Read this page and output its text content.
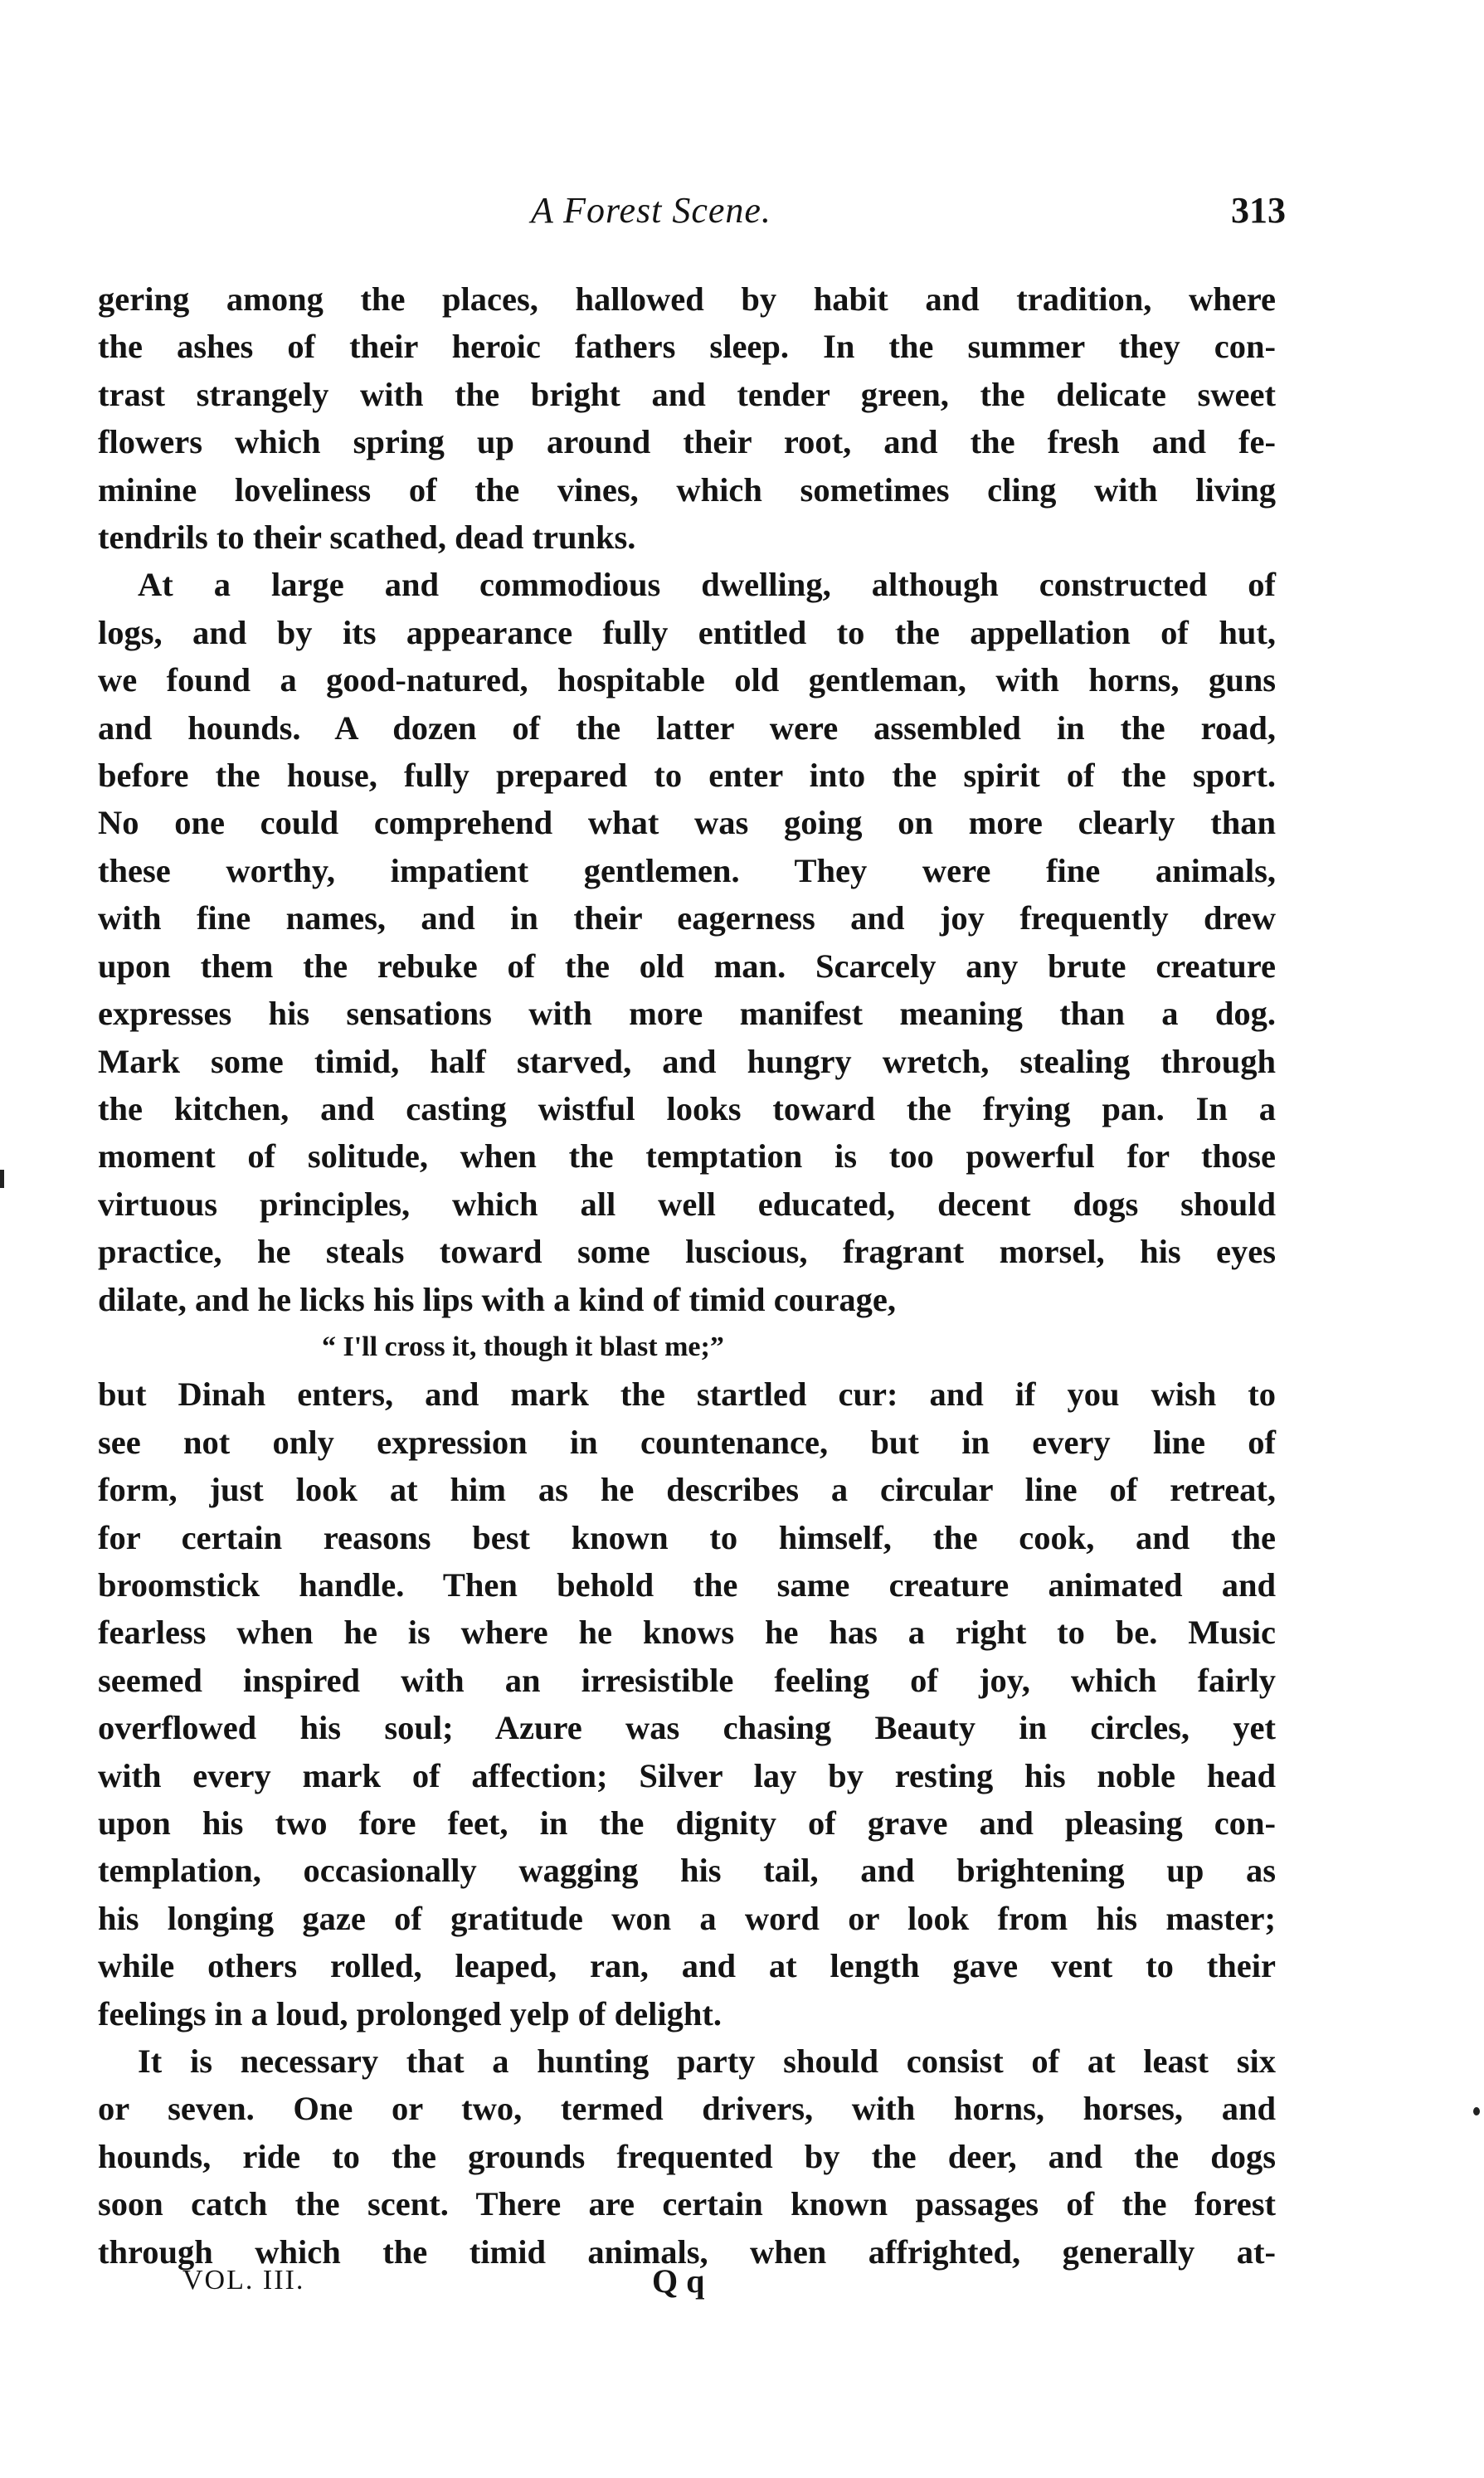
A Forest Scene.	313
gering among the places, hallowed by habit and tradition, where
the ashes of their heroic fathers sleep. In the summer they con-
trast strangely with the bright and tender green, the delicate sweet
flowers which spring up around their root, and the fresh and fe-
minine loveliness of the vines, which sometimes cling with living
tendrils to their scathed, dead trunks.
At a large and commodious dwelling, although constructed of
logs, and by its appearance fully entitled to the appellation of hut,
we found a good-natured, hospitable old gentleman, with horns, guns
and hounds. A dozen of the latter were assembled in the road,
before the house, fully prepared to enter into the spirit of the sport.
No one could comprehend what was going on more clearly than
these worthy, impatient gentlemen. They were fine animals,
with fine names, and in their eagerness and joy frequently drew
upon them the rebuke of the old man. Scarcely any brute creature
expresses his sensations with more manifest meaning than a dog.
Mark some timid, half starved, and hungry wretch, stealing through
the kitchen, and casting wistful looks toward the frying pan. In a
moment of solitude, when the temptation is too powerful for those
virtuous principles, which all well educated, decent dogs should
practice, he steals toward some luscious, fragrant morsel, his eyes
dilate, and he licks his lips with a kind of timid courage,
“ I'll cross it, though it blast me;”
but Dinah enters, and mark the startled cur: and if you wish to
see not only expression in countenance, but in every line of
form, just look at him as he describes a circular line of retreat,
for certain reasons best known to himself, the cook, and the
broomstick handle. Then behold the same creature animated and
fearless when he is where he knows he has a right to be. Music
seemed inspired with an irresistible feeling of joy, which fairly
overflowed his soul; Azure was chasing Beauty in circles, yet
with every mark of affection; Silver lay by resting his noble head
upon his two fore feet, in the dignity of grave and pleasing con-
templation, occasionally wagging his tail, and brightening up as
his longing gaze of gratitude won a word or look from his master;
while others rolled, leaped, ran, and at length gave vent to their
feelings in a loud, prolonged yelp of delight.
It is necessary that a hunting party should consist of at least six
or seven. One or two, termed drivers, with horns, horses, and
hounds, ride to the grounds frequented by the deer, and the dogs
soon catch the scent. There are certain known passages of the forest
through which the timid animals, when affrighted, generally at-
VOL. III.	Q q
